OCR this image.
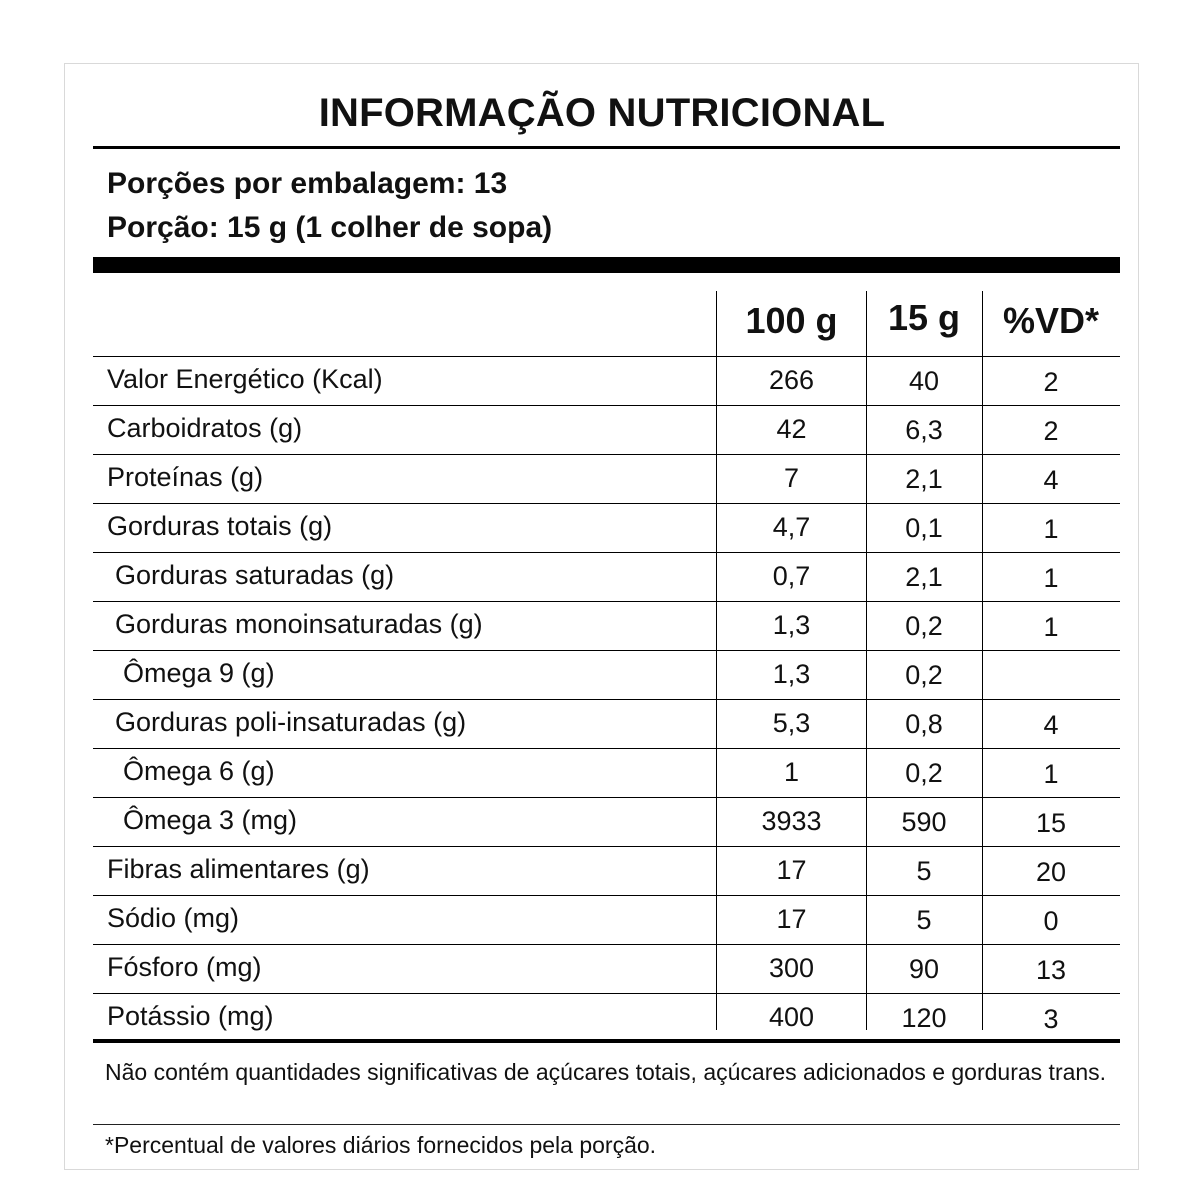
INFORMAÇÃO NUTRICIONAL
Porções por embalagem: 13
Porção: 15 g (1 colher de sopa)
100 g	15 g	%VD*
Valor Energético (Kcal)	266	40	2
Carboidratos (g)	42	6,3	2
Proteínas (g)	7	2,1	4
Gorduras totais (g)	4,7	0,1	1
Gorduras saturadas (g)	0,7	2,1	1
Gorduras monoinsaturadas (g)	1,3	0,2	1
Ômega 9 (g)	1,3	0,2
Gorduras poli-insaturadas (g)	5,3	0,8	4
Ômega 6 (g)	1	0,2	1
Ômega 3 (mg)	3933	590	15
Fibras alimentares (g)	17	5	20
Sódio (mg)	17	5	0
Fósforo (mg)	300	90	13
Potássio (mg)	400	120	3
Não contém quantidades significativas de açúcares totais, açúcares adicionados e gorduras trans.
*Percentual de valores diários fornecidos pela porção.
